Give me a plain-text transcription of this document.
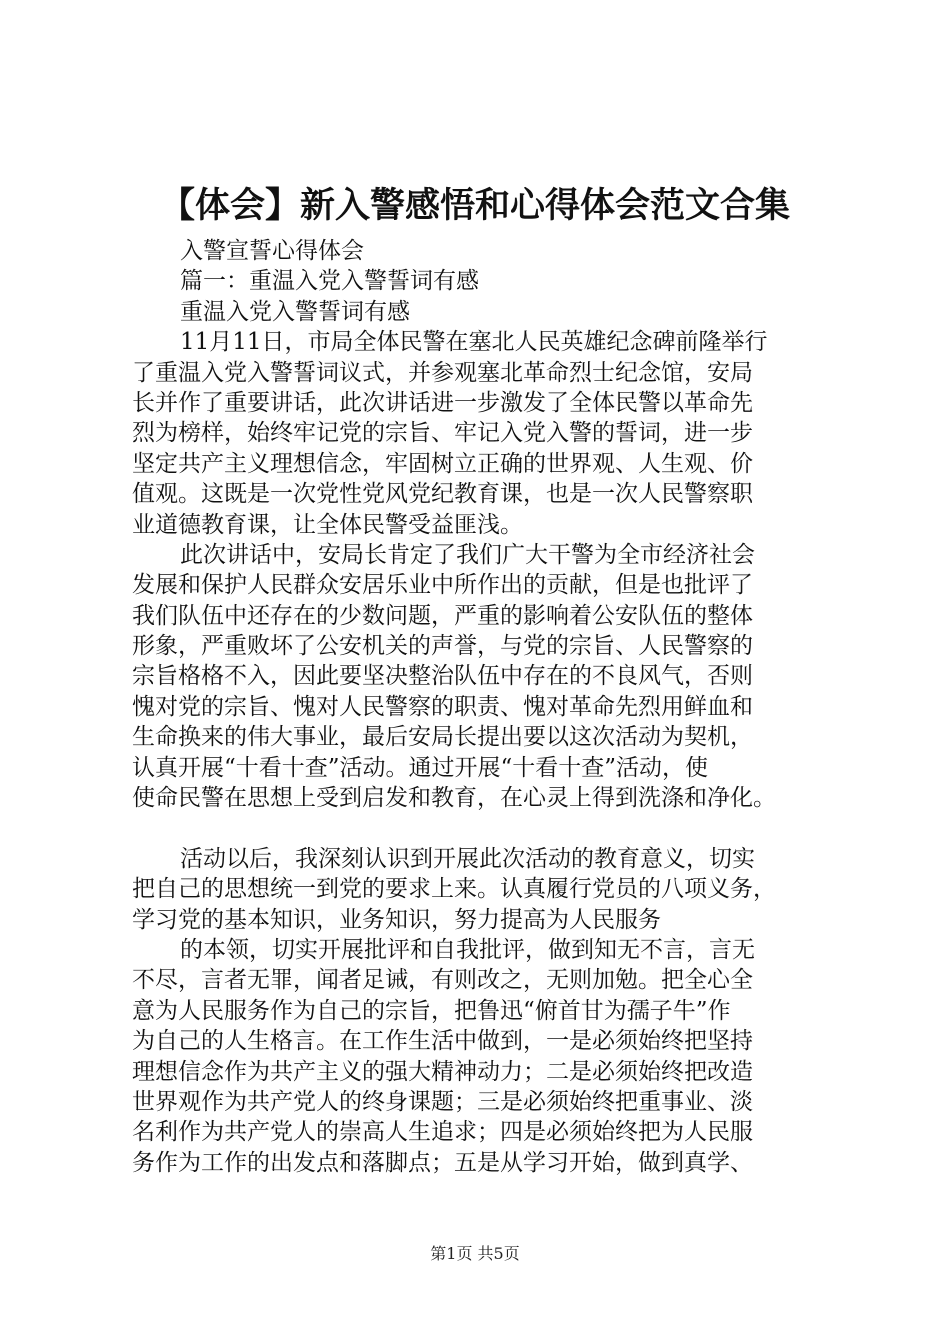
【体会】新入警感悟和心得体会范文合集
入警宣誓心得体会
篇一：重温入党入警誓词有感
重温入党入警誓词有感
11月11日，市局全体民警在塞北人民英雄纪念碑前隆举行
了重温入党入警誓词议式，并参观塞北革命烈士纪念馆，安局
长并作了重要讲话，此次讲话进一步激发了全体民警以革命先
烈为榜样，始终牢记党的宗旨、牢记入党入警的誓词，进一步
坚定共产主义理想信念，牢固树立正确的世界观、人生观、价
值观。这既是一次党性党风党纪教育课，也是一次人民警察职
业道德教育课，让全体民警受益匪浅。
此次讲话中，安局长肯定了我们广大干警为全市经济社会
发展和保护人民群众安居乐业中所作出的贡献，但是也批评了
我们队伍中还存在的少数问题，严重的影响着公安队伍的整体
形象，严重败坏了公安机关的声誉，与党的宗旨、人民警察的
宗旨格格不入，因此要坚决整治队伍中存在的不良风气，否则
愧对党的宗旨、愧对人民警察的职责、愧对革命先烈用鲜血和
生命换来的伟大事业，最后安局长提出要以这次活动为契机，
认真开展“十看十查”活动。通过开展“十看十查”活动，使
使命民警在思想上受到启发和教育，在心灵上得到洗涤和净化。
活动以后，我深刻认识到开展此次活动的教育意义，切实
把自己的思想统一到党的要求上来。认真履行党员的八项义务，
学习党的基本知识，业务知识，努力提高为人民服务
的本领，切实开展批评和自我批评，做到知无不言，言无
不尽，言者无罪，闻者足诫，有则改之，无则加勉。把全心全
意为人民服务作为自己的宗旨，把鲁迅“俯首甘为孺子牛”作
为自己的人生格言。在工作生活中做到，一是必须始终把坚持
理想信念作为共产主义的强大精神动力；二是必须始终把改造
世界观作为共产党人的终身课题；三是必须始终把重事业、淡
名利作为共产党人的崇高人生追求；四是必须始终把为人民服
务作为工作的出发点和落脚点；五是从学习开始，做到真学、
第1页 共5页
